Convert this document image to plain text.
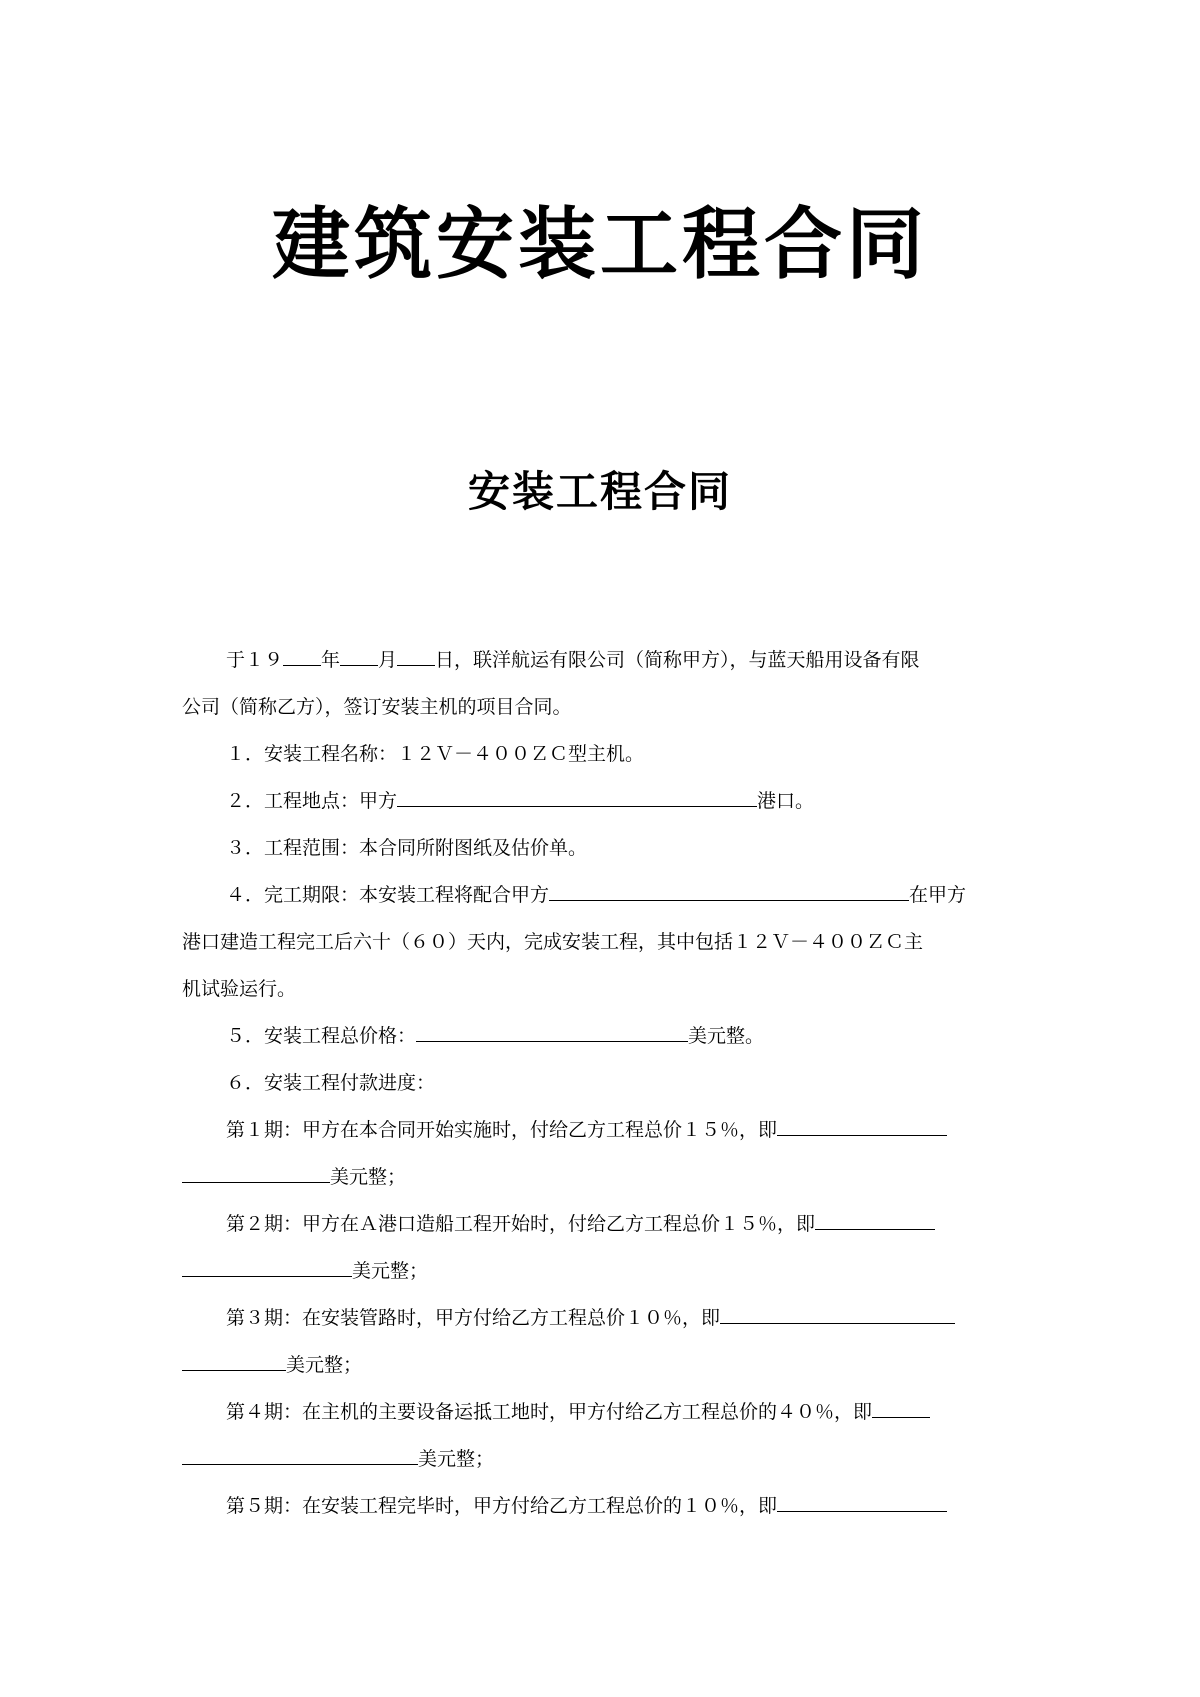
建筑安装工程合同
安装工程合同
于１９ 年 月 日，联洋航运有限公司（简称甲方），与蓝天船用设备有限
公司（简称乙方），签订安装主机的项目合同。
１．安装工程名称：１２Ｖ－４００ＺＣ型主机。
２．工程地点：甲方	港口。
３．工程范围：本合同所附图纸及估价单。
４．完工期限：本安装工程将配合甲方	在甲方
港口建造工程完工后六十（６０）天内，完成安装工程，其中包括１２Ｖ－４００ＺＣ主
机试验运行。
５．安装工程总价格：	美元整。
６．安装工程付款进度：
第１期：甲方在本合同开始实施时，付给乙方工程总价１５％，即
美元整；
第２期：甲方在Ａ港口造船工程开始时，付给乙方工程总价１５％，即
美元整；
第３期：在安装管路时，甲方付给乙方工程总价１０％，即
美元整；
第４期：在主机的主要设备运抵工地时，甲方付给乙方工程总价的４０％，即
美元整；
第５期：在安装工程完毕时，甲方付给乙方工程总价的１０％，即
